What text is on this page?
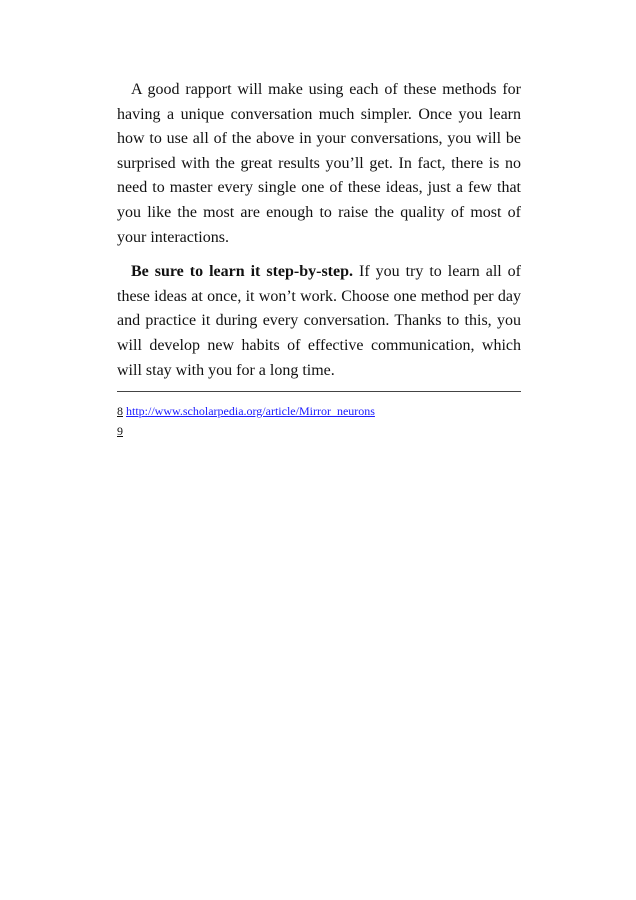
A good rapport will make using each of these methods for having a unique conversation much simpler. Once you learn how to use all of the above in your conversations, you will be surprised with the great results you’ll get. In fact, there is no need to master every single one of these ideas, just a few that you like the most are enough to raise the quality of most of your interactions.

Be sure to learn it step-by-step. If you try to learn all of these ideas at once, it won’t work. Choose one method per day and practice it during every conversation. Thanks to this, you will develop new habits of effective communication, which will stay with you for a long time.

8 http://www.scholarpedia.org/article/Mirror_neurons
9
